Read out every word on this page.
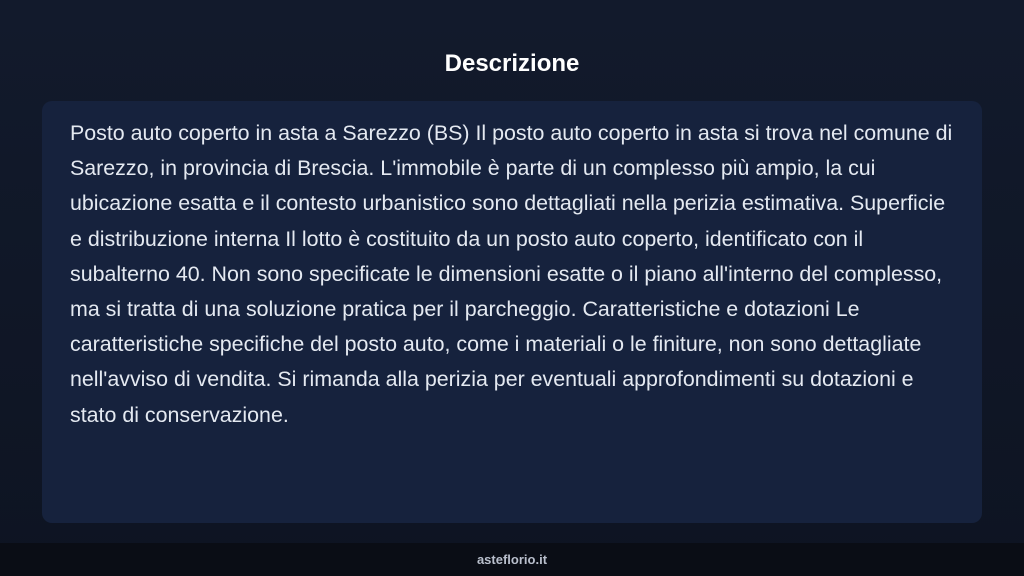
Descrizione

Posto auto coperto in asta a Sarezzo (BS) Il posto auto coperto in asta si trova nel comune di Sarezzo, in provincia di Brescia. L'immobile è parte di un complesso più ampio, la cui ubicazione esatta e il contesto urbanistico sono dettagliati nella perizia estimativa. Superficie e distribuzione interna Il lotto è costituito da un posto auto coperto, identificato con il subalterno 40. Non sono specificate le dimensioni esatte o il piano all'interno del complesso, ma si tratta di una soluzione pratica per il parcheggio. Caratteristiche e dotazioni Le caratteristiche specifiche del posto auto, come i materiali o le finiture, non sono dettagliate nell'avviso di vendita. Si rimanda alla perizia per eventuali approfondimenti su dotazioni e stato di conservazione.

asteflorio.it
